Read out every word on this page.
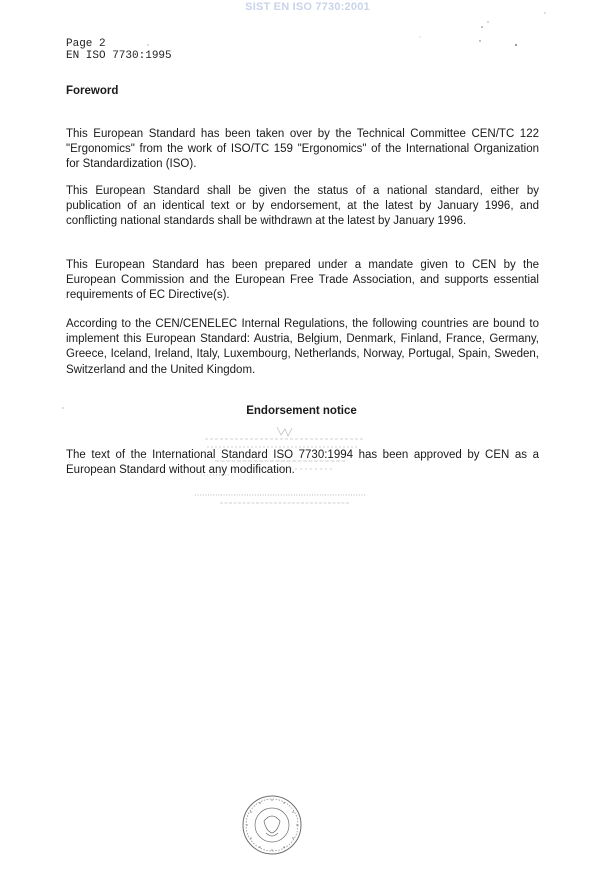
SIST EN ISO 7730:2001
Page 2
EN ISO 7730:1995
Foreword

This European Standard has been taken over by the Technical Committee CEN/TC 122 "Ergonomics" from the work of ISO/TC 159 "Ergonomics" of the International Organization for Standardization (ISO).

This European Standard shall be given the status of a national standard, either by publication of an identical text or by endorsement, at the latest by January 1996, and conflicting national standards shall be withdrawn at the latest by January 1996.

This European Standard has been prepared under a mandate given to CEN by the European Commission and the European Free Trade Association, and supports essential requirements of EC Directive(s).

According to the CEN/CENELEC Internal Regulations, the following countries are bound to implement this European Standard: Austria, Belgium, Denmark, Finland, France, Germany, Greece, Iceland, Ireland, Italy, Luxembourg, Netherlands, Norway, Portugal, Spain, Sweden, Switzerland and the United Kingdom.

Endorsement notice

The text of the International Standard ISO 7730:1994 has been approved by CEN as a European Standard without any modification.
